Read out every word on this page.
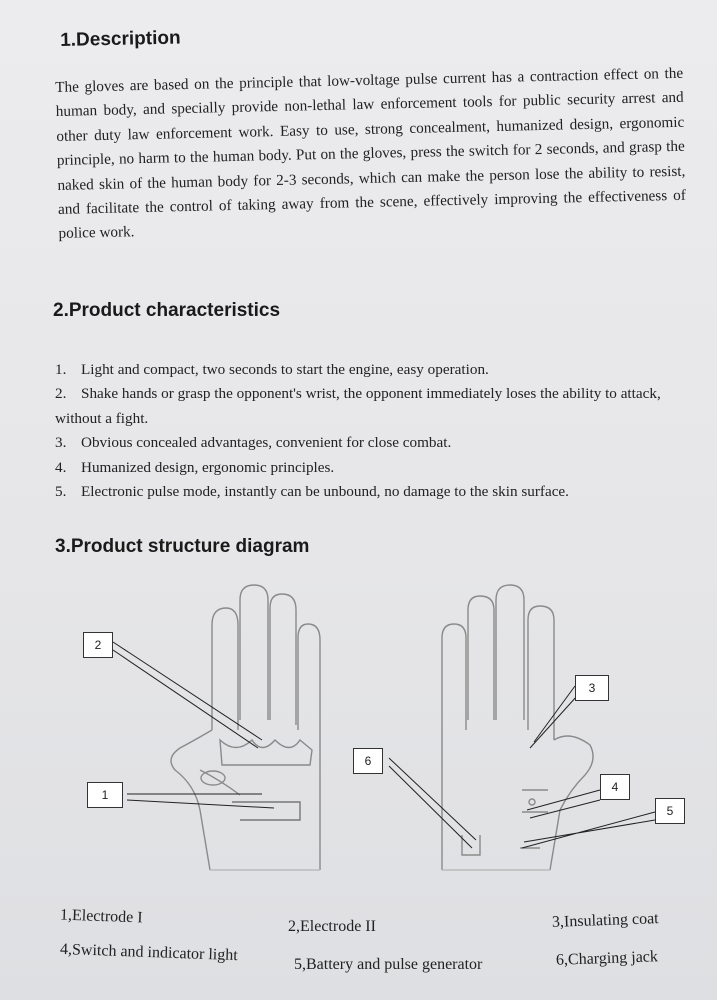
1.Description

The gloves are based on the principle that low-voltage pulse current has a contraction effect on the human body, and specially provide non-lethal law enforcement tools for public security arrest and other duty law enforcement work. Easy to use, strong concealment, humanized design, ergonomic principle, no harm to the human body. Put on the gloves, press the switch for 2 seconds, and grasp the naked skin of the human body for 2-3 seconds, which can make the person lose the ability to resist, and facilitate the control of taking away from the scene, effectively improving the effectiveness of police work.

2.Product characteristics
1. Light and compact, two seconds to start the engine, easy operation.
2. Shake hands or grasp the opponent's wrist, the opponent immediately loses the ability to attack, without a fight.
3. Obvious concealed advantages, convenient for close combat.
4. Humanized design, ergonomic principles.
5. Electronic pulse mode, instantly can be unbound, no damage to the skin surface.
3.Product structure diagram
2
1
3
6
4
5
1,Electrode I
2,Electrode II	3,Insulating coat
4,Switch and indicator light
5,Battery and pulse generator	6,Charging jack
